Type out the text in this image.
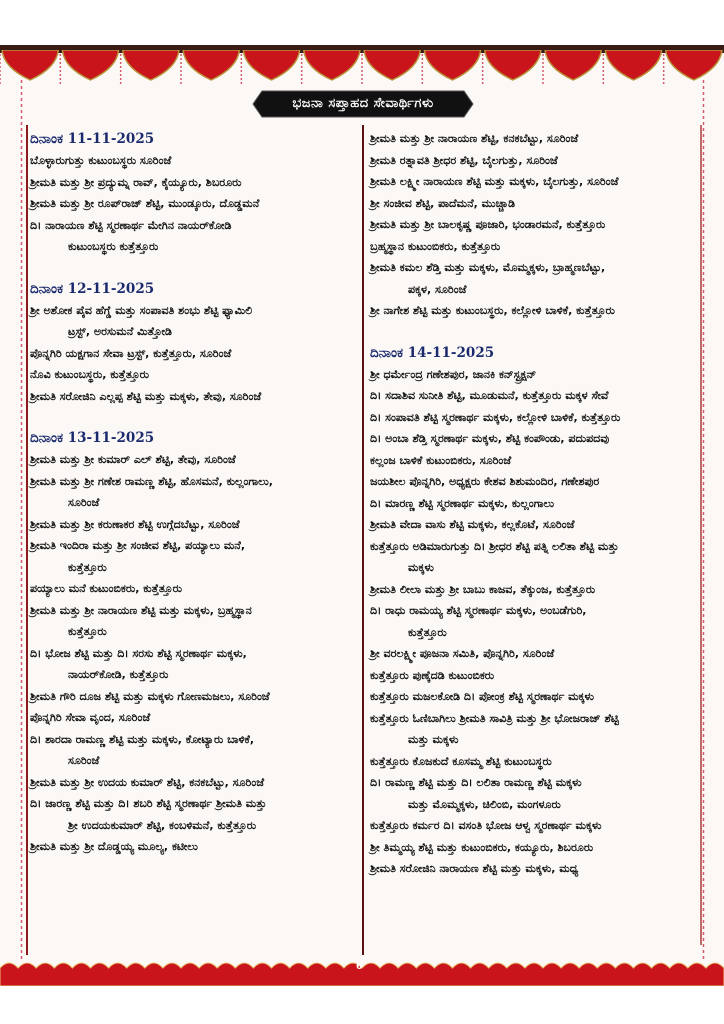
ಭಜನಾ ಸಪ್ತಾಹದ ಸೇವಾರ್ಥಿಗಳು
ದಿನಾಂಕ 11-11-2025
ಬೊಳ್ಳಾರುಗುತ್ತು ಕುಟುಂಬಸ್ಥರು ಸೂರಿಂಜೆ
ಶ್ರೀಮತಿ ಮತ್ತು ಶ್ರೀ ಪ್ರದ್ಯುಮ್ನ ರಾವ್, ಕೈಯ್ಯೂರು, ಶಿಬರೂರು
ಶ್ರೀಮತಿ ಮತ್ತು ಶ್ರೀ ರೂಪ್‌ರಾಜ್ ಶೆಟ್ಟಿ, ಮುಂಡ್ಕೂರು, ದೊಡ್ಡಮನೆ
ದಿ। ನಾರಾಯಣ ಶೆಟ್ಟಿ ಸ್ಮರಣಾರ್ಥ ಮೇಗಿನ ನಾಯರ್‌ಕೋಡಿ
ಕುಟುಂಬಸ್ಥರು ಕುತ್ತೆತ್ತೂರು
ದಿನಾಂಕ 12-11-2025
ಶ್ರೀ ಅಶೋಕ ಪೈವ ಹೆಗ್ಡೆ ಮತ್ತು ಸಂಪಾವತಿ ಶಂಭು ಶೆಟ್ಟಿ ಫ್ಯಾಮಿಲಿ
ಟ್ರಸ್ಟ್, ಅರಸುಮನೆ ಮಿತ್ತೋಡಿ
ಪೊನ್ನಗಿರಿ ಯಕ್ಷಗಾನ ಸೇವಾ ಟ್ರಸ್ಟ್, ಕುತ್ತೆತ್ತೂರು, ಸೂರಿಂಜೆ
ನೊವಿ ಕುಟುಂಬಸ್ಥರು, ಕುತ್ತೆತ್ತೂರು
ಶ್ರೀಮತಿ ಸರೋಜಿನಿ ಎಲ್ಲಪ್ಪ ಶೆಟ್ಟಿ ಮತ್ತು ಮಕ್ಕಳು, ತೇವು, ಸೂರಿಂಜೆ
ದಿನಾಂಕ 13-11-2025
ಶ್ರೀಮತಿ ಮತ್ತು ಶ್ರೀ ಕುಮಾರ್ ಎಲ್ ಶೆಟ್ಟಿ, ತೇವು, ಸೂರಿಂಜೆ
ಶ್ರೀಮತಿ ಮತ್ತು ಶ್ರೀ ಗಣೇಶ ರಾಮಣ್ಣ ಶೆಟ್ಟಿ, ಹೊಸಮನೆ, ಕುಲ್ಲಂಗಾಲು,
ಸೂರಿಂಜೆ
ಶ್ರೀಮತಿ ಮತ್ತು ಶ್ರೀ ಕರುಣಾಕರ ಶೆಟ್ಟಿ ಉಗ್ಗೆದಬೆಟ್ಟು, ಸೂರಿಂಜೆ
ಶ್ರೀಮತಿ ಇಂದಿರಾ ಮತ್ತು ಶ್ರೀ ಸಂಜೀವ ಶೆಟ್ಟಿ, ಪಯ್ಯಾಲು ಮನೆ,
ಕುತ್ತೆತ್ತೂರು
ಪಯ್ಯಾಲು ಮನೆ ಕುಟುಂಬಿಕರು, ಕುತ್ತೆತ್ತೂರು
ಶ್ರೀಮತಿ ಮತ್ತು ಶ್ರೀ ನಾರಾಯಣ ಶೆಟ್ಟಿ ಮತ್ತು ಮಕ್ಕಳು, ಬ್ರಹ್ಮಸ್ಥಾನ
ಕುತ್ತೆತ್ತೂರು
ದಿ। ಭೋಜ ಶೆಟ್ಟಿ ಮತ್ತು ದಿ। ಸರಸು ಶೆಟ್ಟಿ ಸ್ಮರಣಾರ್ಥ ಮಕ್ಕಳು,
ನಾಯರ್‌ಕೋಡಿ, ಕುತ್ತೆತ್ತೂರು
ಶ್ರೀಮತಿ ಗೌರಿ ದೂಜ ಶೆಟ್ಟಿ ಮತ್ತು ಮಕ್ಕಳು ಗೋಣಮಜಲು, ಸೂರಿಂಜೆ
ಪೊನ್ನಗಿರಿ ಸೇವಾ ವೃಂದ, ಸೂರಿಂಜೆ
ದಿ। ಶಾರದಾ ರಾಮಣ್ಣ ಶೆಟ್ಟಿ ಮತ್ತು ಮಕ್ಕಳು, ಕೋಟ್ಯಾರು ಬಾಳಿಕೆ,
ಸೂರಿಂಜೆ
ಶ್ರೀಮತಿ ಮತ್ತು ಶ್ರೀ ಉದಯ ಕುಮಾರ್ ಶೆಟ್ಟಿ, ಕನಕಬೆಟ್ಟು, ಸೂರಿಂಜೆ
ದಿ। ಜಾರಣ್ಣ ಶೆಟ್ಟಿ ಮತ್ತು ದಿ। ಶಬರಿ ಶೆಟ್ಟಿ ಸ್ಮರಣಾರ್ಥ ಶ್ರೀಮತಿ ಮತ್ತು
ಶ್ರೀ ಉದಯಕುಮಾರ್ ಶೆಟ್ಟಿ, ಕಂಬಳಿಮನೆ, ಕುತ್ತೆತ್ತೂರು
ಶ್ರೀಮತಿ ಮತ್ತು ಶ್ರೀ ದೊಡ್ಡಯ್ಯ ಮೂಲ್ಯ, ಕಟೀಲು
ಶ್ರೀಮತಿ ಮತ್ತು ಶ್ರೀ ನಾರಾಯಣ ಶೆಟ್ಟಿ, ಕನಕಬೆಟ್ಟು, ಸೂರಿಂಜೆ
ಶ್ರೀಮತಿ ರತ್ನಾವತಿ ಶ್ರೀಧರ ಶೆಟ್ಟಿ, ಬೈಲಗುತ್ತು, ಸೂರಿಂಜೆ
ಶ್ರೀಮತಿ ಲಕ್ಷ್ಮೀ ನಾರಾಯಣ ಶೆಟ್ಟಿ ಮತ್ತು ಮಕ್ಕಳು, ಬೈಲಗುತ್ತು, ಸೂರಿಂಜೆ
ಶ್ರೀ ಸಂಜೀವ ಶೆಟ್ಟಿ, ಪಾದೆಮನೆ, ಮುಚ್ಚಾಡಿ
ಶ್ರೀಮತಿ ಮತ್ತು ಶ್ರೀ ಬಾಲಕೃಷ್ಣ ಪೂಜಾರಿ, ಭಂಡಾರಮನೆ, ಕುತ್ತೆತ್ತೂರು
ಬ್ರಹ್ಮಸ್ಥಾನ ಕುಟುಂಬಿಕರು, ಕುತ್ತೆತ್ತೂರು
ಶ್ರೀಮತಿ ಕಮಲ ಶೆಡ್ತಿ ಮತ್ತು ಮಕ್ಕಳು, ಮೊಮ್ಮಕ್ಕಳು, ಬ್ರಾಹ್ಮಣಬೆಟ್ಟು,
ಪಕ್ಕಳ, ಸೂರಿಂಜೆ
ಶ್ರೀ ನಾಗೇಶ ಶೆಟ್ಟಿ ಮತ್ತು ಕುಟುಂಬಸ್ಥರು, ಕಲ್ಲೋಳಿ ಬಾಳಿಕೆ, ಕುತ್ತೆತ್ತೂರು
ದಿನಾಂಕ 14-11-2025
ಶ್ರೀ ಧರ್ಮೇಂದ್ರ ಗಣೇಶಪುರ, ಜಾನಕಿ ಕನ್‌ಸ್ಟ್ರಕ್ಷನ್
ದಿ। ಸದಾಶಿವ ಸುನೀತಿ ಶೆಟ್ಟಿ, ಮೂಡುಮನೆ, ಕುತ್ತೆತ್ತೂರು ಮಕ್ಕಳ ಸೇವೆ
ದಿ। ಸಂಪಾವತಿ ಶೆಟ್ಟಿ ಸ್ಮರಣಾರ್ಥ ಮಕ್ಕಳು, ಕಲ್ಲೋಳಿ ಬಾಳಿಕೆ, ಕುತ್ತೆತ್ತೂರು
ದಿ। ಅಂಬಾ ಶೆಡ್ತಿ ಸ್ಮರಣಾರ್ಥ ಮಕ್ಕಳು, ಶೆಟ್ಟಿ ಕಂಪೌಂಡು, ಪದುಪದವು
ಕಲ್ಲಂಜ ಬಾಳಿಕೆ ಕುಟುಂಬಿಕರು, ಸೂರಿಂಜೆ
ಜಯಶೀಲ ಪೊನ್ನಗಿರಿ, ಅಧ್ಯಕ್ಷರು ಕೇಶವ ಶಿಶುಮಂದಿರ, ಗಣೇಶಪುರ
ದಿ। ಮಾರಣ್ಣ ಶೆಟ್ಟಿ ಸ್ಮರಣಾರ್ಥ ಮಕ್ಕಳು, ಕುಲ್ಲಂಗಾಲು
ಶ್ರೀಮತಿ ವೇದಾ ವಾಸು ಶೆಟ್ಟಿ ಮಕ್ಕಳು, ಕಲ್ಲಕೊಟೆ, ಸೂರಿಂಜೆ
ಕುತ್ತೆತ್ತೂರು ಅಡಿಮಾರುಗುತ್ತು ದಿ। ಶ್ರೀಧರ ಶೆಟ್ಟಿ ಪತ್ನಿ ಲಲಿತಾ ಶೆಟ್ಟಿ ಮತ್ತು
ಮಕ್ಕಳು
ಶ್ರೀಮತಿ ಲೀಲಾ ಮತ್ತು ಶ್ರೀ ಬಾಬು ಕಾಜವ, ತೆಕ್ಕುಂಜ, ಕುತ್ತೆತ್ತೂರು
ದಿ। ರಾಧು ರಾಮಯ್ಯ ಶೆಟ್ಟಿ ಸ್ಮರಣಾರ್ಥ ಮಕ್ಕಳು, ಅಂಬಡೆಗುರಿ,
ಕುತ್ತೆತ್ತೂರು
ಶ್ರೀ ವರಲಕ್ಷ್ಮೀ ಪೂಜನಾ ಸಮಿತಿ, ಪೊನ್ನಗಿರಿ, ಸೂರಿಂಜೆ
ಕುತ್ತೆತ್ತೂರು ಪುಣ್ಕೆದಡಿ ಕುಟುಂಬಿಕರು
ಕುತ್ತೆತ್ತೂರು ಮಜಲಕೋಡಿ ದಿ। ಪೋಂಕ್ರ ಶೆಟ್ಟಿ ಸ್ಮರಣಾರ್ಥ ಮಕ್ಕಳು
ಕುತ್ತೆತ್ತೂರು ಓಣಿಬಾಗಿಲು ಶ್ರೀಮತಿ ಸಾವಿತ್ರಿ ಮತ್ತು ಶ್ರೀ ಭೋಜರಾಜ್ ಶೆಟ್ಟಿ
ಮತ್ತು ಮಕ್ಕಳು
ಕುತ್ತೆತ್ತೂರು ಕೊಜಕುದೆ ಕೂಸಮ್ಮ ಶೆಟ್ಟಿ ಕುಟುಂಬಸ್ಥರು
ದಿ। ರಾಮಣ್ಣ ಶೆಟ್ಟಿ ಮತ್ತು ದಿ। ಲಲಿತಾ ರಾಮಣ್ಣ ಶೆಟ್ಟಿ ಮಕ್ಕಳು
ಮತ್ತು ಮೊಮ್ಮಕ್ಕಳು, ಚಿಲಿಂಬಿ, ಮಂಗಳೂರು
ಕುತ್ತೆತ್ತೂರು ಕರ್ಮರ ದಿ। ವಸಂತಿ ಭೋಜ ಆಳ್ವ ಸ್ಮರಣಾರ್ಥ ಮಕ್ಕಳು
ಶ್ರೀ ತಿಮ್ಮಯ್ಯ ಶೆಟ್ಟಿ ಮತ್ತು ಕುಟುಂಬಿಕರು, ಕಯ್ಯೂರು, ಶಿಬರೂರು
ಶ್ರೀಮತಿ ಸರೋಜಿನಿ ನಾರಾಯಣ ಶೆಟ್ಟಿ ಮತ್ತು ಮಕ್ಕಳು, ಮಧ್ಯ
6
